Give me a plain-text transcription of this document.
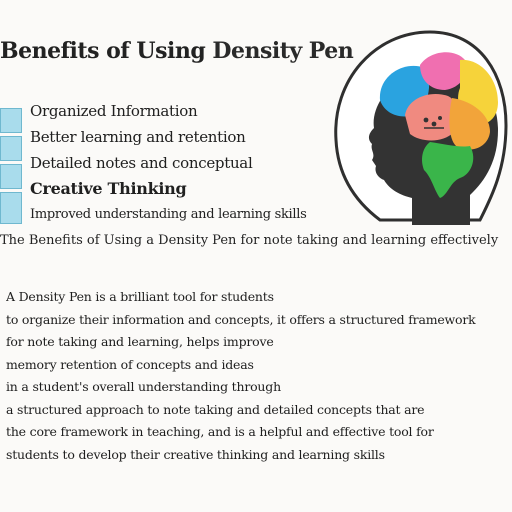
Benefits of Using Density Pen
Organized Information
Better learning and retention
Detailed notes and conceptual
Creative Thinking
Improved understanding and learning skills
The Benefits of Using a Density Pen for note taking and learning effectively
A Density Pen is a brilliant tool for students
to organize their information and concepts, it offers a structured framework
for note taking and learning, helps improve
memory retention of concepts and ideas
in a student's overall understanding through
a structured approach to note taking and detailed concepts that are
the core framework in teaching, and is a helpful and effective tool for
students to develop their creative thinking and learning skills
